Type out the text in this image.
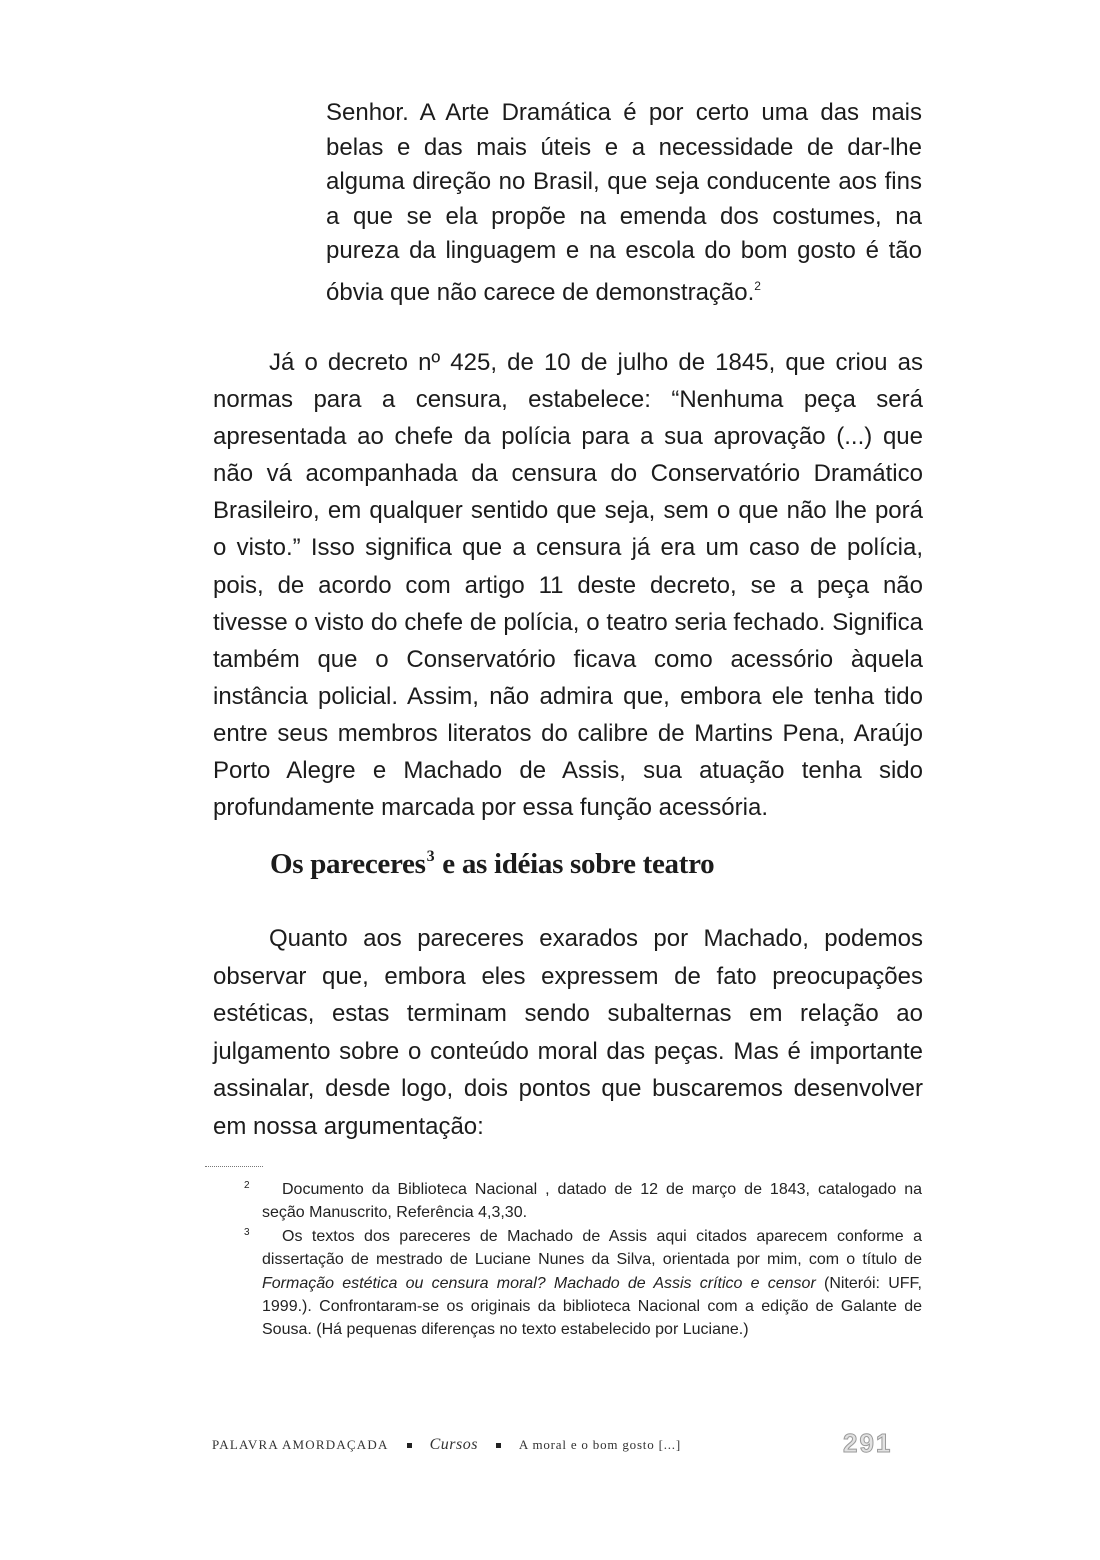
Senhor. A Arte Dramática é por certo uma das mais belas e das mais úteis e a necessidade de dar-lhe alguma direção no Brasil, que seja conducente aos fins a que se ela propõe na emenda dos costumes, na pureza da linguagem e na escola do bom gosto é tão óbvia que não carece de demonstração.$^2$

Já o decreto nº 425, de 10 de julho de 1845, que criou as normas para a censura, estabelece: “Nenhuma peça será apresentada ao chefe da polícia para a sua aprovação (...) que não vá acompanhada da censura do Conservatório Dramático Brasileiro, em qualquer sentido que seja, sem o que não lhe porá o visto.” Isso significa que a censura já era um caso de polícia, pois, de acordo com artigo 11 deste decreto, se a peça não tivesse o visto do chefe de polícia, o teatro seria fechado. Significa também que o Conservatório ficava como acessório àquela instância policial. Assim, não admira que, embora ele tenha tido entre seus membros literatos do calibre de Martins Pena, Araújo Porto Alegre e Machado de Assis, sua atuação tenha sido profundamente marcada por essa função acessória.

Os pareceres$^3$ e as idéias sobre teatro

Quanto aos pareceres exarados por Machado, podemos observar que, embora eles expressem de fato preocupações estéticas, estas terminam sendo subalternas em relação ao julgamento sobre o conteúdo moral das peças. Mas é importante assinalar, desde logo, dois pontos que buscaremos desenvolver em nossa argumentação:

2 Documento da Biblioteca Nacional , datado de 12 de março de 1843, catalogado na seção Manuscrito, Referência 4,3,30.

3 Os textos dos pareceres de Machado de Assis aqui citados aparecem conforme a dissertação de mestrado de Luciane Nunes da Silva, orientada por mim, com o título de Formação estética ou censura moral? Machado de Assis crítico e censor (Niterói: UFF, 1999.). Confrontaram-se os originais da biblioteca Nacional com a edição de Galante de Sousa. (Há pequenas diferenças no texto estabelecido por Luciane.)

PALAVRA AMORDAÇADA	Cursos	A moral e o bom gosto [...]	291
